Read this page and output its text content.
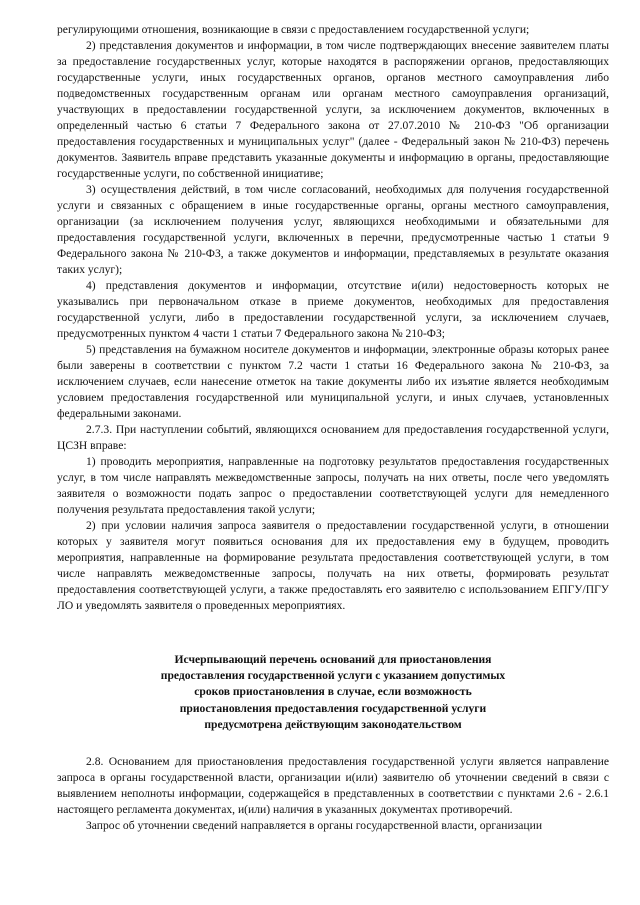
регулирующими отношения, возникающие в связи с предоставлением государственной услуги;

2) представления документов и информации, в том числе подтверждающих внесение заявителем платы за предоставление государственных услуг, которые находятся в распоряжении органов, предоставляющих государственные услуги, иных государственных органов, органов местного самоуправления либо подведомственных государственным органам или органам местного самоуправления организаций, участвующих в предоставлении государственной услуги, за исключением документов, включенных в определенный частью 6 статьи 7 Федерального закона от 27.07.2010 № 210-ФЗ "Об организации предоставления государственных и муниципальных услуг" (далее - Федеральный закон № 210-ФЗ) перечень документов. Заявитель вправе представить указанные документы и информацию в органы, предоставляющие государственные услуги, по собственной инициативе;

3) осуществления действий, в том числе согласований, необходимых для получения государственной услуги и связанных с обращением в иные государственные органы, органы местного самоуправления, организации (за исключением получения услуг, являющихся необходимыми и обязательными для предоставления государственной услуги, включенных в перечни, предусмотренные частью 1 статьи 9 Федерального закона № 210-ФЗ, а также документов и информации, представляемых в результате оказания таких услуг);

4) представления документов и информации, отсутствие и(или) недостоверность которых не указывались при первоначальном отказе в приеме документов, необходимых для предоставления государственной услуги, либо в предоставлении государственной услуги, за исключением случаев, предусмотренных пунктом 4 части 1 статьи 7 Федерального закона № 210-ФЗ;

5) представления на бумажном носителе документов и информации, электронные образы которых ранее были заверены в соответствии с пунктом 7.2 части 1 статьи 16 Федерального закона № 210-ФЗ, за исключением случаев, если нанесение отметок на такие документы либо их изъятие является необходимым условием предоставления государственной или муниципальной услуги, и иных случаев, установленных федеральными законами.

2.7.3. При наступлении событий, являющихся основанием для предоставления государственной услуги, ЦСЗН вправе:

1) проводить мероприятия, направленные на подготовку результатов предоставления государственных услуг, в том числе направлять межведомственные запросы, получать на них ответы, после чего уведомлять заявителя о возможности подать запрос о предоставлении соответствующей услуги для немедленного получения результата предоставления такой услуги;

2) при условии наличия запроса заявителя о предоставлении государственной услуги, в отношении которых у заявителя могут появиться основания для их предоставления ему в будущем, проводить мероприятия, направленные на формирование результата предоставления соответствующей услуги, в том числе направлять межведомственные запросы, получать на них ответы, формировать результат предоставления соответствующей услуги, а также предоставлять его заявителю с использованием ЕПГУ/ПГУ ЛО и уведомлять заявителя о проведенных мероприятиях.

Исчерпывающий перечень оснований для приостановления
предоставления государственной услуги с указанием допустимых
сроков приостановления в случае, если возможность
приостановления предоставления государственной услуги
предусмотрена действующим законодательством

2.8. Основанием для приостановления предоставления государственной услуги является направление запроса в органы государственной власти, организации и(или) заявителю об уточнении сведений в связи с выявлением неполноты информации, содержащейся в представленных в соответствии с пунктами 2.6 - 2.6.1 настоящего регламента документах, и(или) наличия в указанных документах противоречий.

Запрос об уточнении сведений направляется в органы государственной власти, организации
